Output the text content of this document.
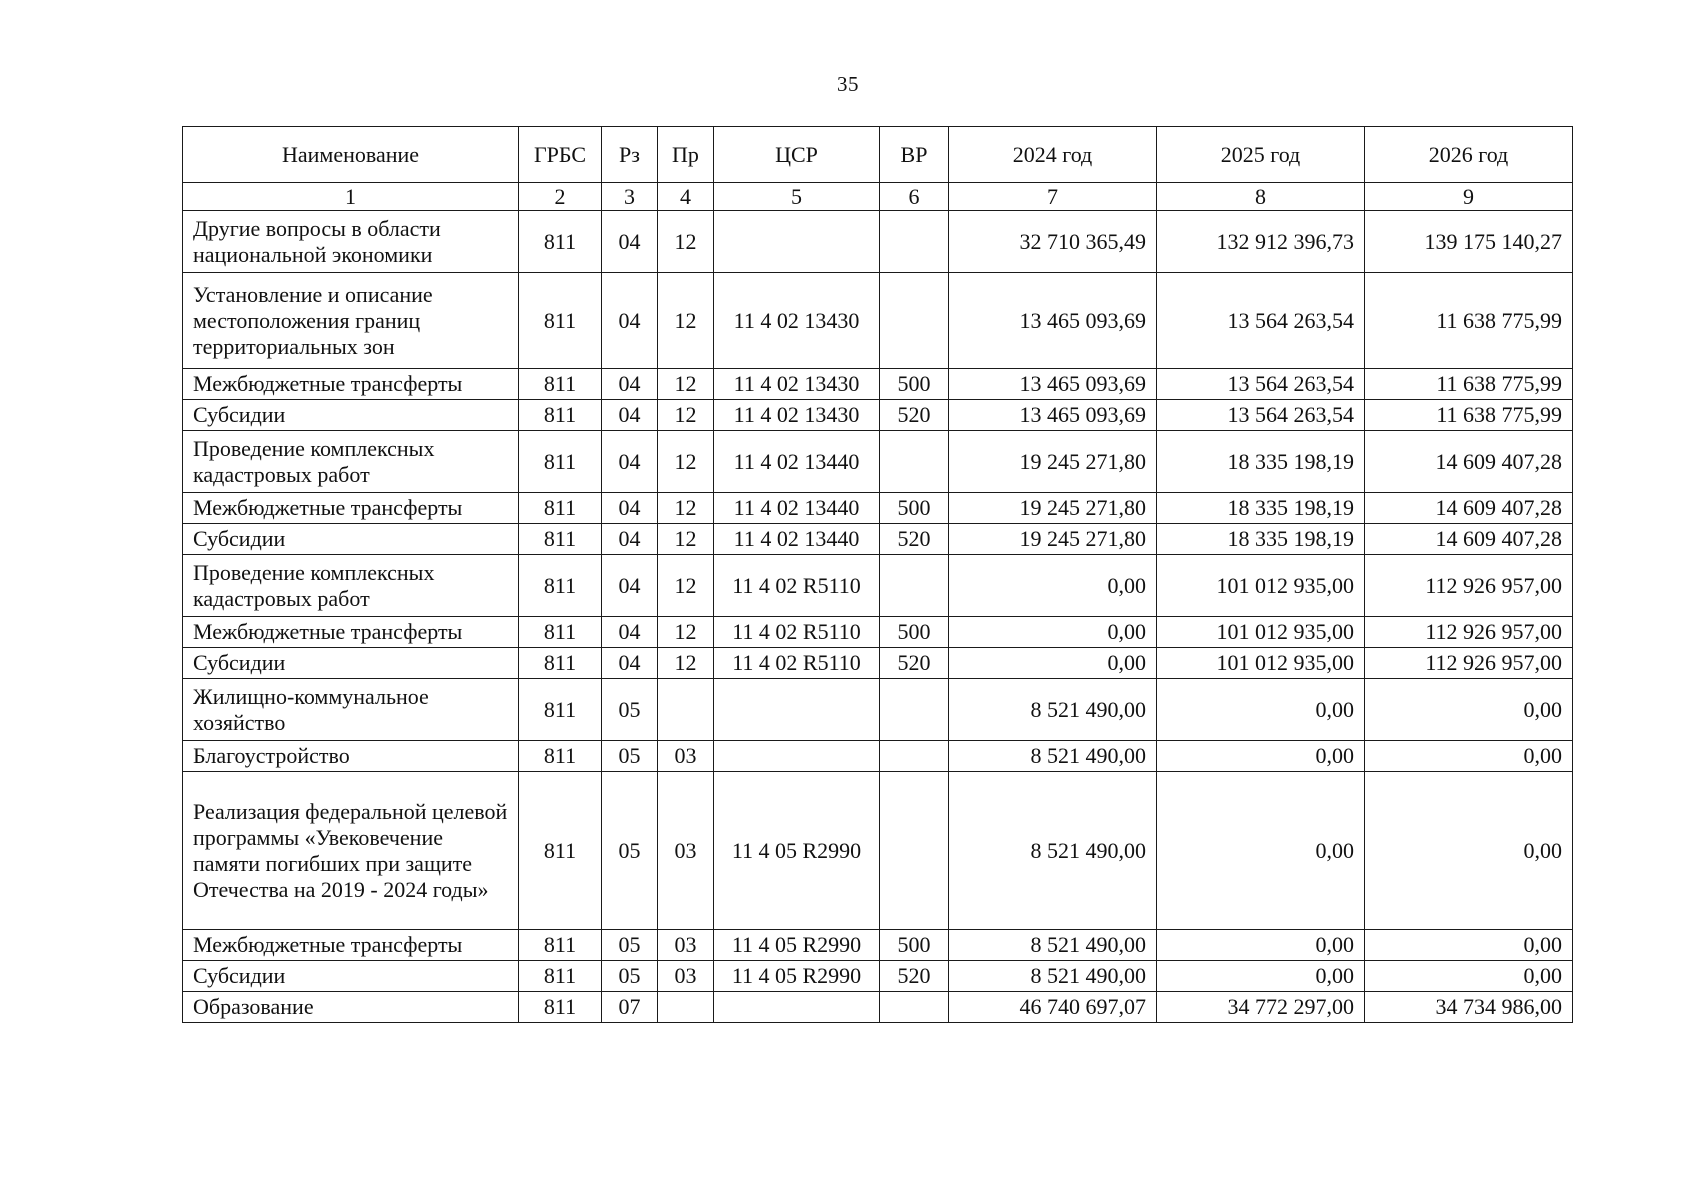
35
Наименование	ГРБС	Рз	Пр	ЦСР	ВР	2024 год	2025 год	2026 год
1	2	3	4	5	6	7	8	9
Другие вопросы в области национальной экономики	811	04	12			32 710 365,49	132 912 396,73	139 175 140,27
Установление и описание местоположения границ территориальных зон	811	04	12	11 4 02 13430		13 465 093,69	13 564 263,54	11 638 775,99
Межбюджетные трансферты	811	04	12	11 4 02 13430	500	13 465 093,69	13 564 263,54	11 638 775,99
Субсидии	811	04	12	11 4 02 13430	520	13 465 093,69	13 564 263,54	11 638 775,99
Проведение комплексных кадастровых работ	811	04	12	11 4 02 13440		19 245 271,80	18 335 198,19	14 609 407,28
Межбюджетные трансферты	811	04	12	11 4 02 13440	500	19 245 271,80	18 335 198,19	14 609 407,28
Субсидии	811	04	12	11 4 02 13440	520	19 245 271,80	18 335 198,19	14 609 407,28
Проведение комплексных кадастровых работ	811	04	12	11 4 02 R5110		0,00	101 012 935,00	112 926 957,00
Межбюджетные трансферты	811	04	12	11 4 02 R5110	500	0,00	101 012 935,00	112 926 957,00
Субсидии	811	04	12	11 4 02 R5110	520	0,00	101 012 935,00	112 926 957,00
Жилищно-коммунальное хозяйство	811	05				8 521 490,00	0,00	0,00
Благоустройство	811	05	03			8 521 490,00	0,00	0,00
Реализация федеральной целевой программы «Увековечение памяти погибших при защите Отечества на 2019 - 2024 годы»	811	05	03	11 4 05 R2990		8 521 490,00	0,00	0,00
Межбюджетные трансферты	811	05	03	11 4 05 R2990	500	8 521 490,00	0,00	0,00
Субсидии	811	05	03	11 4 05 R2990	520	8 521 490,00	0,00	0,00
Образование	811	07				46 740 697,07	34 772 297,00	34 734 986,00
